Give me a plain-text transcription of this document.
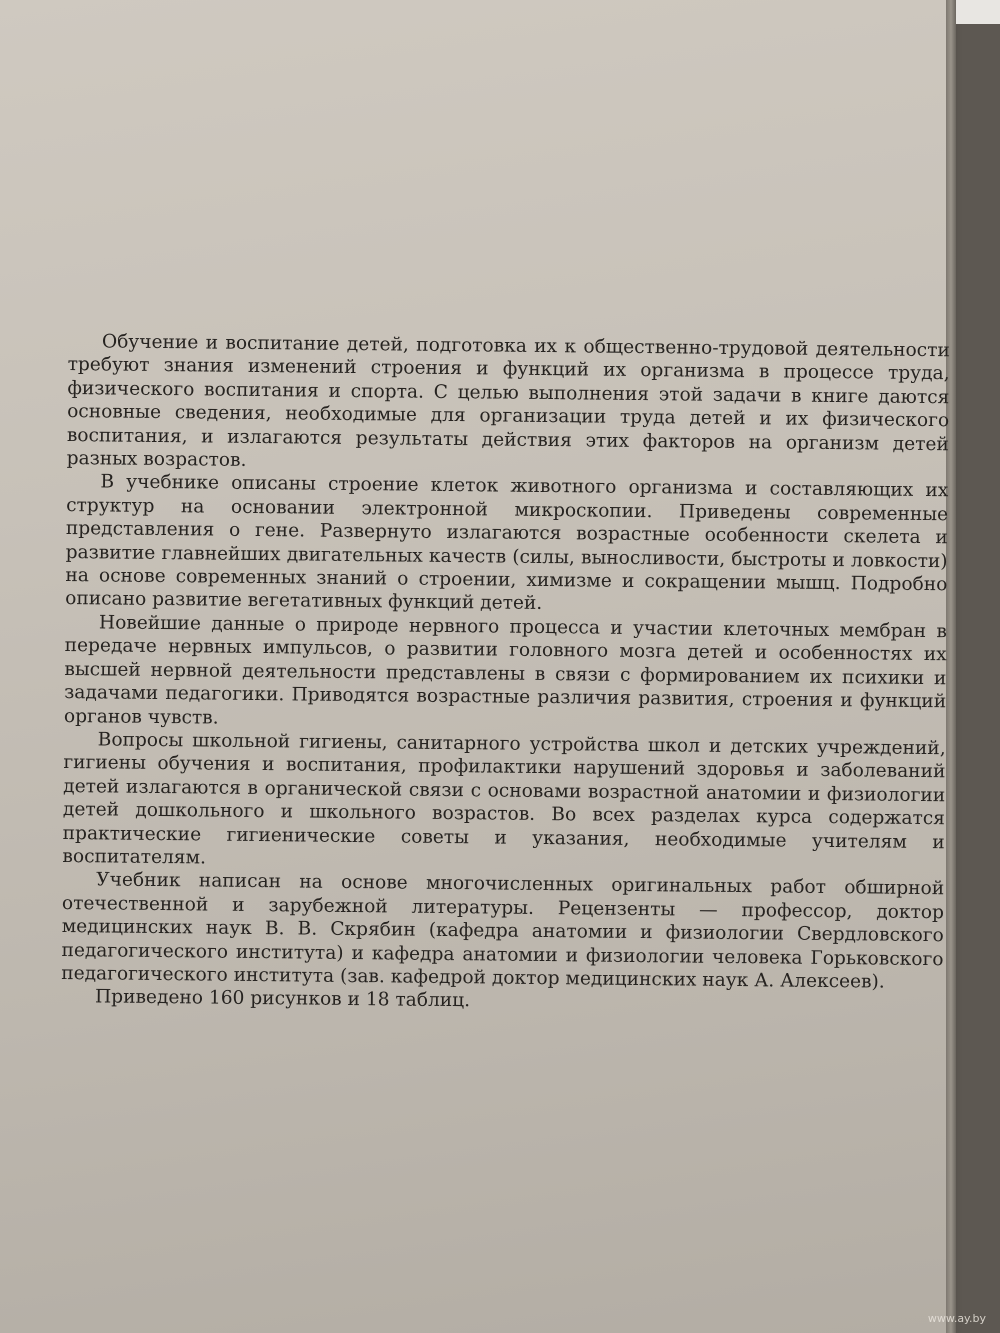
Обучение и воспитание детей, подготовка их к общественно-трудовой деятельности требуют знания изменений строения и функций их организма в процессе труда, физического воспитания и спорта. С целью выполнения этой задачи в книге даются основные сведения, необходимые для организации труда детей и их физического воспитания, и излагаются результаты действия этих факторов на организм детей разных возрастов.

В учебнике описаны строение клеток животного организма и составляющих их структур на основании электронной микроскопии. Приведены современные представления о гене. Развернуто излагаются возрастные особенности скелета и развитие главнейших двигательных качеств (силы, выносливости, быстроты и ловкости) на основе современных знаний о строении, химизме и сокращении мышц. Подробно описано развитие вегетативных функций детей.

Новейшие данные о природе нервного процесса и участии клеточных мембран в передаче нервных импульсов, о развитии головного мозга детей и особенностях их высшей нервной деятельности представлены в связи с формированием их психики и задачами педагогики. Приводятся возрастные различия развития, строения и функций органов чувств.

Вопросы школьной гигиены, санитарного устройства школ и детских учреждений, гигиены обучения и воспитания, профилактики нарушений здоровья и заболеваний детей излагаются в органической связи с основами возрастной анатомии и физиологии детей дошкольного и школьного возрастов. Во всех разделах курса содержатся практические гигиенические советы и указания, необходимые учителям и воспитателям.

Учебник написан на основе многочисленных оригинальных работ обширной отечественной и зарубежной литературы. Рецензенты — профессор, доктор медицинских наук В. В. Скрябин (кафедра анатомии и физиологии Свердловского педагогического института) и кафедра анатомии и физиологии человека Горьковского педагогического института (зав. кафедрой доктор медицинских наук А. Алексеев).

Приведено 160 рисунков и 18 таблиц.

www.ay.by
